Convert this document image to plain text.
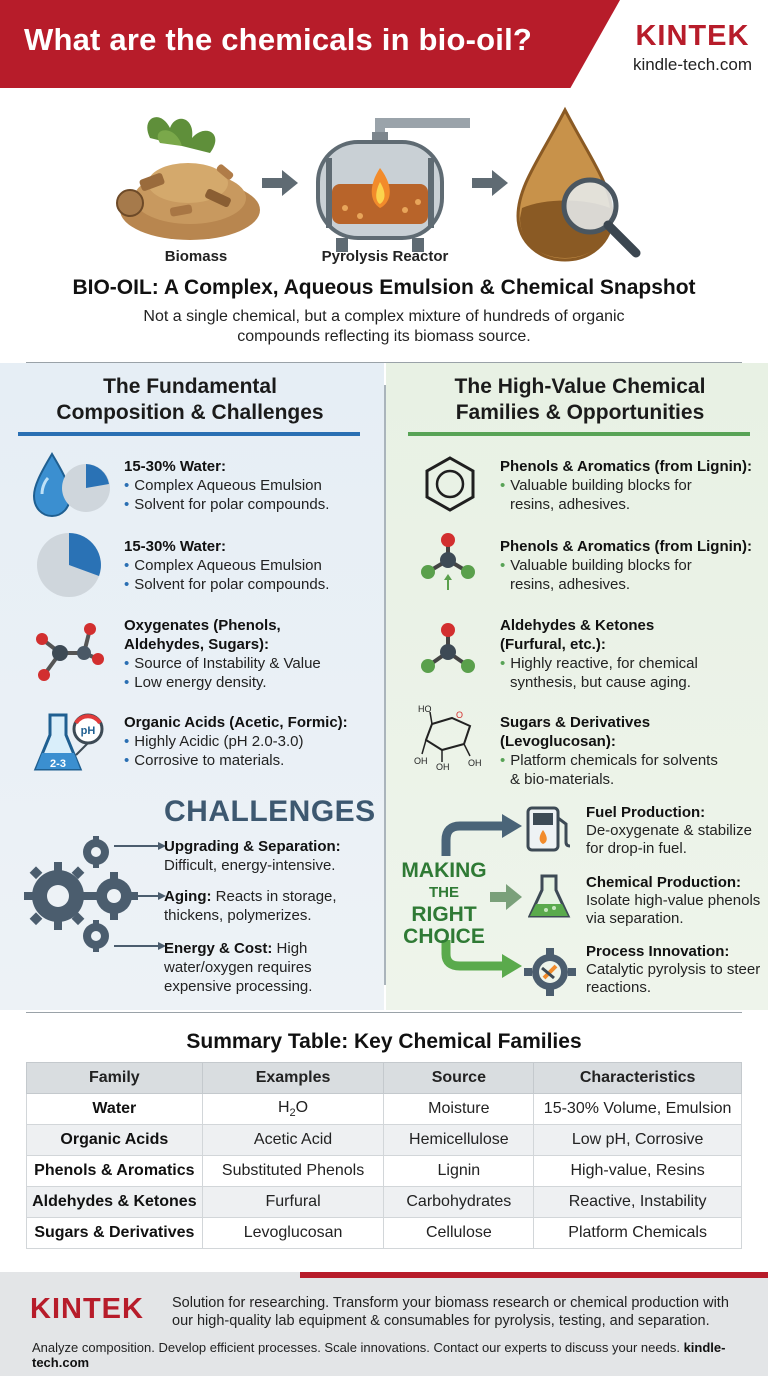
What are the chemicals in bio-oil?	KINTEK
kindle-tech.com
Biomass	Pyrolysis Reactor
BIO-OIL: A Complex, Aqueous Emulsion & Chemical Snapshot
Not a single chemical, but a complex mixture of hundreds of organic compounds reflecting its biomass source.
The Fundamental
Composition & Challenges
pH
2-3
15-30% Water:
• Complex Aqueous Emulsion
• Solvent for polar compounds.
15-30% Water:
• Complex Aqueous Emulsion
• Solvent for polar compounds.
Oxygenates (Phenols,
Aldehydes, Sugars):
• Source of Instability & Value
• Low energy density.
Organic Acids (Acetic, Formic):
• Highly Acidic (pH 2.0-3.0)
• Corrosive to materials.
CHALLENGES
Upgrading & Separation: Difficult, energy-intensive.
Aging: Reacts in storage, thickens, polymerizes.
Energy & Cost: High water/oxygen requires expensive processing.
The High-Value Chemical
Families & Opportunities
HO
O
OH
OH OH
Phenols & Aromatics (from Lignin):
• Valuable building blocks for
resins, adhesives.
Phenols & Aromatics (from Lignin):
• Valuable building blocks for
resins, adhesives.
Aldehydes & Ketones
(Furfural, etc.):
• Highly reactive, for chemical
synthesis, but cause aging.
Sugars & Derivatives (Levoglucosan):
• Platform chemicals for solvents
& bio-materials.
MAKING
THE
RIGHT
CHOICE
Fuel Production:
De-oxygenate & stabilize for drop-in fuel.
Chemical Production:
Isolate high-value phenols via separation.
Process Innovation:
Catalytic pyrolysis to steer reactions.
Summary Table: Key Chemical Families
Family	Examples	Source	Characteristics
Water	$H_2O$	Moisture	15-30% Volume, Emulsion
Organic Acids	Acetic Acid	Hemicellulose	Low pH, Corrosive
Phenols & Aromatics	Substituted Phenols	Lignin	High-value, Resins
Aldehydes & Ketones	Furfural	Carbohydrates	Reactive, Instability
Sugars & Derivatives	Levoglucosan	Cellulose	Platform Chemicals
KINTEK Solution for researching. Transform your biomass research or chemical production with our high-quality lab equipment & consumables for pyrolysis, testing, and separation.
Analyze composition. Develop efficient processes. Scale innovations. Contact our experts to discuss your needs. kindle-tech.com
